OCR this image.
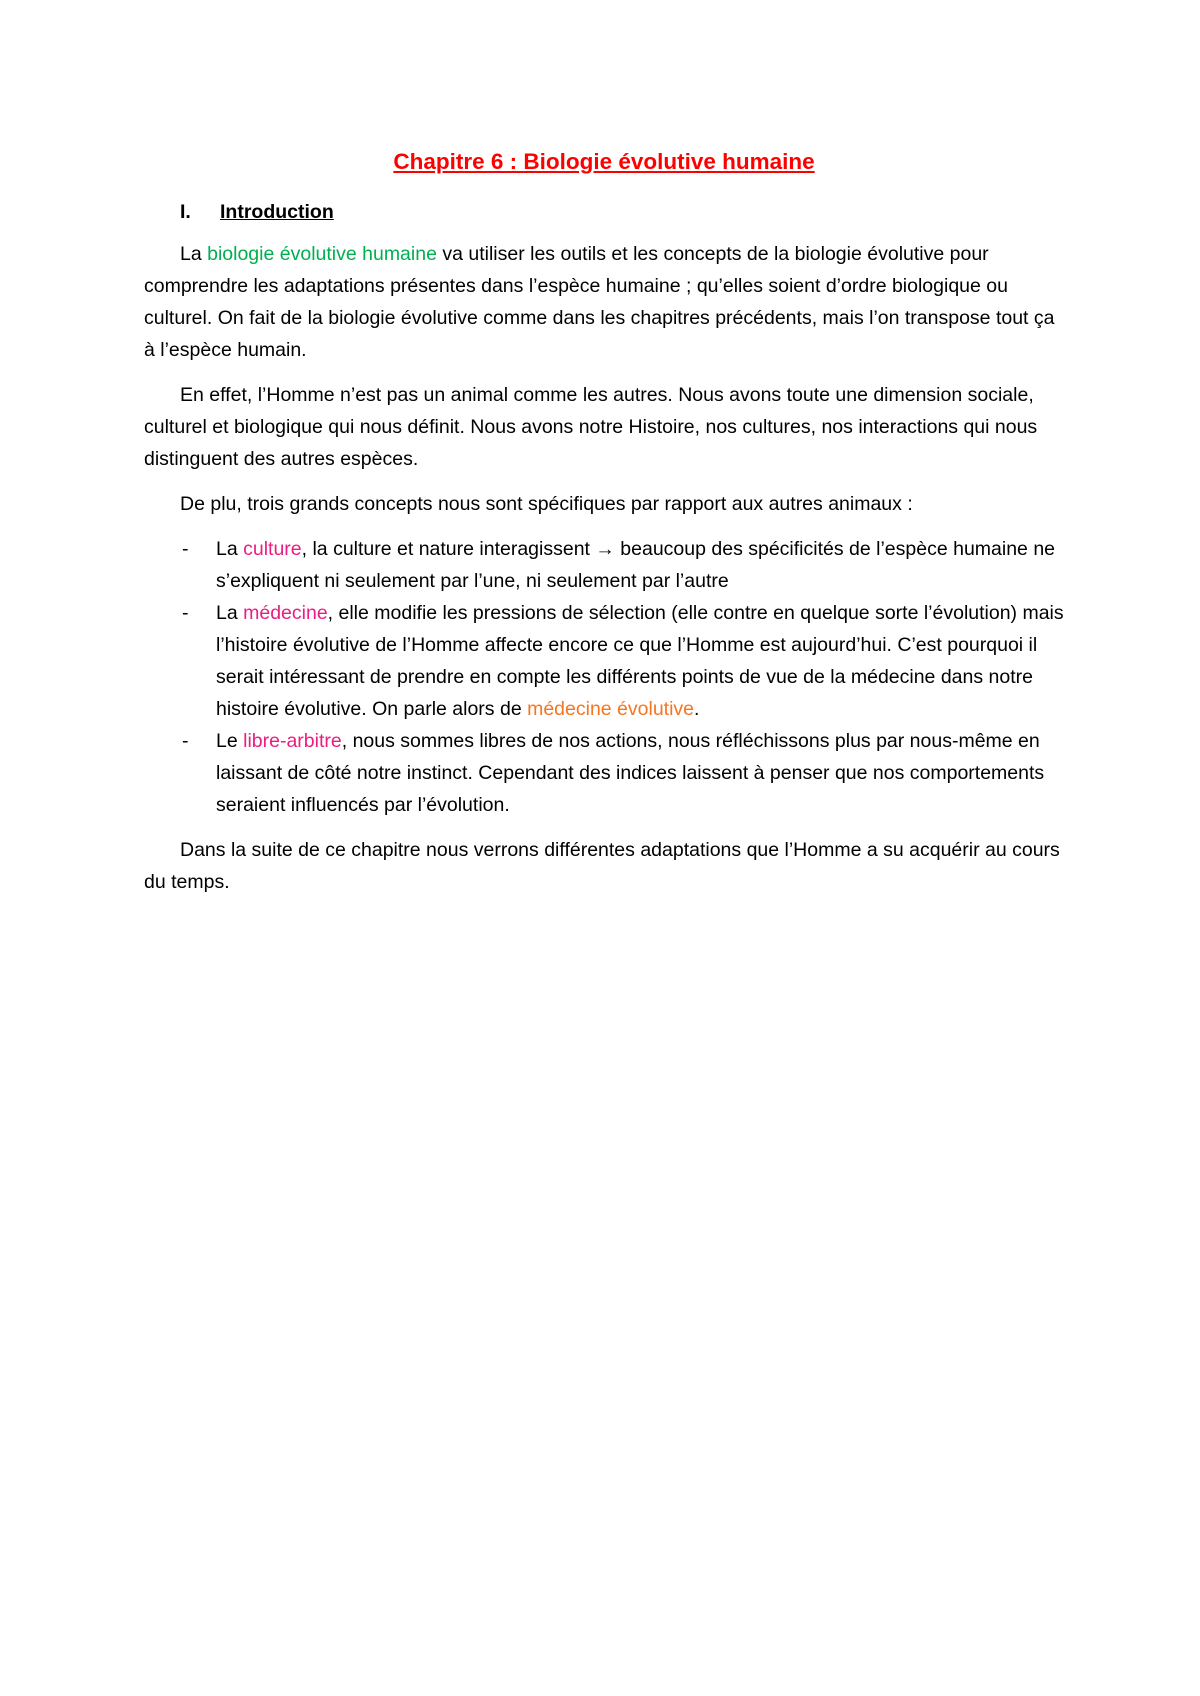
Chapitre 6 : Biologie évolutive humaine
I.	Introduction

La biologie évolutive humaine va utiliser les outils et les concepts de la biologie évolutive pour comprendre les adaptations présentes dans l’espèce humaine ; qu’elles soient d’ordre biologique ou culturel. On fait de la biologie évolutive comme dans les chapitres précédents, mais l’on transpose tout ça à l’espèce humain.

En effet, l’Homme n’est pas un animal comme les autres. Nous avons toute une dimension sociale, culturel et biologique qui nous définit. Nous avons notre Histoire, nos cultures, nos interactions qui nous distinguent des autres espèces.

De plu, trois grands concepts nous sont spécifiques par rapport aux autres animaux :

- La culture, la culture et nature interagissent → beaucoup des spécificités de l’espèce humaine ne s’expliquent ni seulement par l’une, ni seulement par l’autre
- La médecine, elle modifie les pressions de sélection (elle contre en quelque sorte l’évolution) mais l’histoire évolutive de l’Homme affecte encore ce que l’Homme est aujourd’hui. C’est pourquoi il serait intéressant de prendre en compte les différents points de vue de la médecine dans notre histoire évolutive. On parle alors de médecine évolutive.
- Le libre-arbitre, nous sommes libres de nos actions, nous réfléchissons plus par nous-même en laissant de côté notre instinct. Cependant des indices laissent à penser que nos comportements seraient influencés par l’évolution.

Dans la suite de ce chapitre nous verrons différentes adaptations que l’Homme a su acquérir au cours du temps.
